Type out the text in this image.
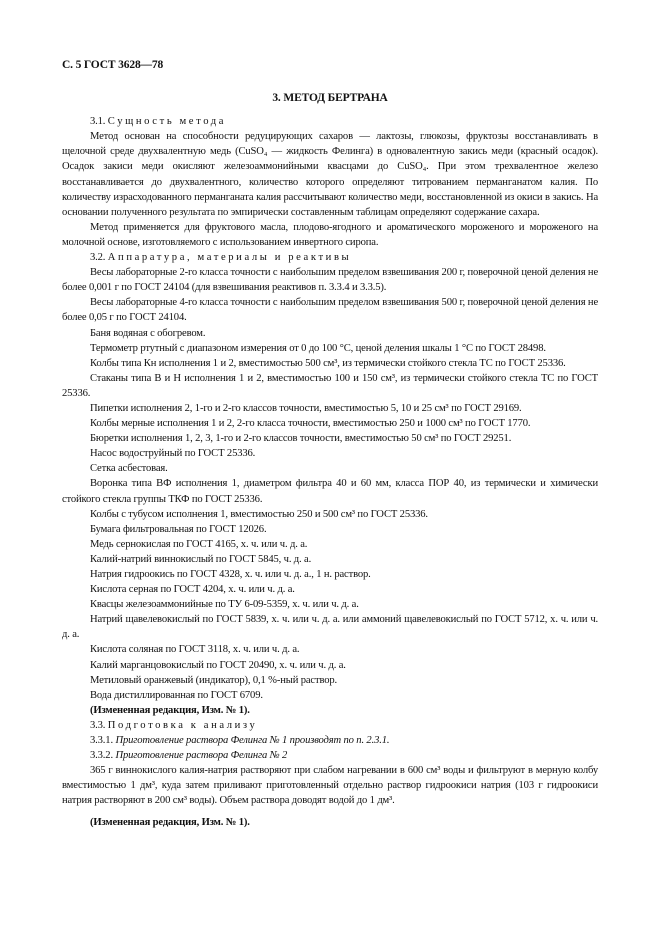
С. 5 ГОСТ 3628—78
3. МЕТОД БЕРТРАНА
3.1. Сущность метода

Метод основан на способности редуцирующих сахаров — лактозы, глюкозы, фруктозы восстанавливать в щелочной среде двухвалентную медь (CuSO₄ — жидкость Фелинга) в одновалентную закись меди (красный осадок). Осадок закиси меди окисляют железоаммонийными квасцами до CuSO₄. При этом трехвалентное железо восстанавливается до двухвалентного, количество которого определяют титрованием перманганатом калия. По количеству израсходованного перманганата калия рассчитывают количество меди, восстановленной из окиси в закись. На основании полученного результата по эмпирически составленным таблицам определяют содержание сахара.

Метод применяется для фруктового масла, плодово-ягодного и ароматического мороженого и мороженого на молочной основе, изготовляемого с использованием инвертного сиропа.

3.2. Аппаратура, материалы и реактивы

Весы лабораторные 2-го класса точности с наибольшим пределом взвешивания 200 г, поверочной ценой деления не более 0,001 г по ГОСТ 24104 (для взвешивания реактивов п. 3.3.4 и 3.3.5).

Весы лабораторные 4-го класса точности с наибольшим пределом взвешивания 500 г, поверочной ценой деления не более 0,05 г по ГОСТ 24104.

Баня водяная с обогревом.

Термометр ртутный с диапазоном измерения от 0 до 100 °С, ценой деления шкалы 1 °С по ГОСТ 28498.

Колбы типа Кн исполнения 1 и 2, вместимостью 500 см³, из термически стойкого стекла ТС по ГОСТ 25336.

Стаканы типа В и Н исполнения 1 и 2, вместимостью 100 и 150 см³, из термически стойкого стекла ТС по ГОСТ 25336.

Пипетки исполнения 2, 1-го и 2-го классов точности, вместимостью 5, 10 и 25 см³ по ГОСТ 29169.

Колбы мерные исполнения 1 и 2, 2-го класса точности, вместимостью 250 и 1000 см³ по ГОСТ 1770.

Бюретки исполнения 1, 2, 3, 1-го и 2-го классов точности, вместимостью 50 см³ по ГОСТ 29251.

Насос водоструйный по ГОСТ 25336.

Сетка асбестовая.

Воронка типа ВФ исполнения 1, диаметром фильтра 40 и 60 мм, класса ПОР 40, из термически и химически стойкого стекла группы ТКФ по ГОСТ 25336.

Колбы с тубусом исполнения 1, вместимостью 250 и 500 см³ по ГОСТ 25336.

Бумага фильтровальная по ГОСТ 12026.

Медь сернокислая по ГОСТ 4165, х. ч. или ч. д. а.

Калий-натрий виннокислый по ГОСТ 5845, ч. д. а.

Натрия гидроокись по ГОСТ 4328, х. ч. или ч. д. а., 1 н. раствор.

Кислота серная по ГОСТ 4204, х. ч. или ч. д. а.

Квасцы железоаммонийные по ТУ 6-09-5359, х. ч. или ч. д. а.

Натрий щавелевокислый по ГОСТ 5839, х. ч. или ч. д. а. или аммоний щавелевокислый по ГОСТ 5712, х. ч. или ч. д. а.

Кислота соляная по ГОСТ 3118, х. ч. или ч. д. а.

Калий марганцовокислый по ГОСТ 20490, х. ч. или ч. д. а.

Метиловый оранжевый (индикатор), 0,1 %-ный раствор.

Вода дистиллированная по ГОСТ 6709.

(Измененная редакция, Изм. № 1).

3.3. Подготовка к анализу
3.3.1. Приготовление раствора Фелинга № 1 производят по п. 2.3.1.
3.3.2. Приготовление раствора Фелинга № 2

365 г виннокислого калия-натрия растворяют при слабом нагревании в 600 см³ воды и фильтруют в мерную колбу вместимостью 1 дм³, куда затем приливают приготовленный отдельно раствор гидроокиси натрия (103 г гидроокиси натрия растворяют в 200 см³ воды). Объем раствора доводят водой до 1 дм³.

(Измененная редакция, Изм. № 1).
